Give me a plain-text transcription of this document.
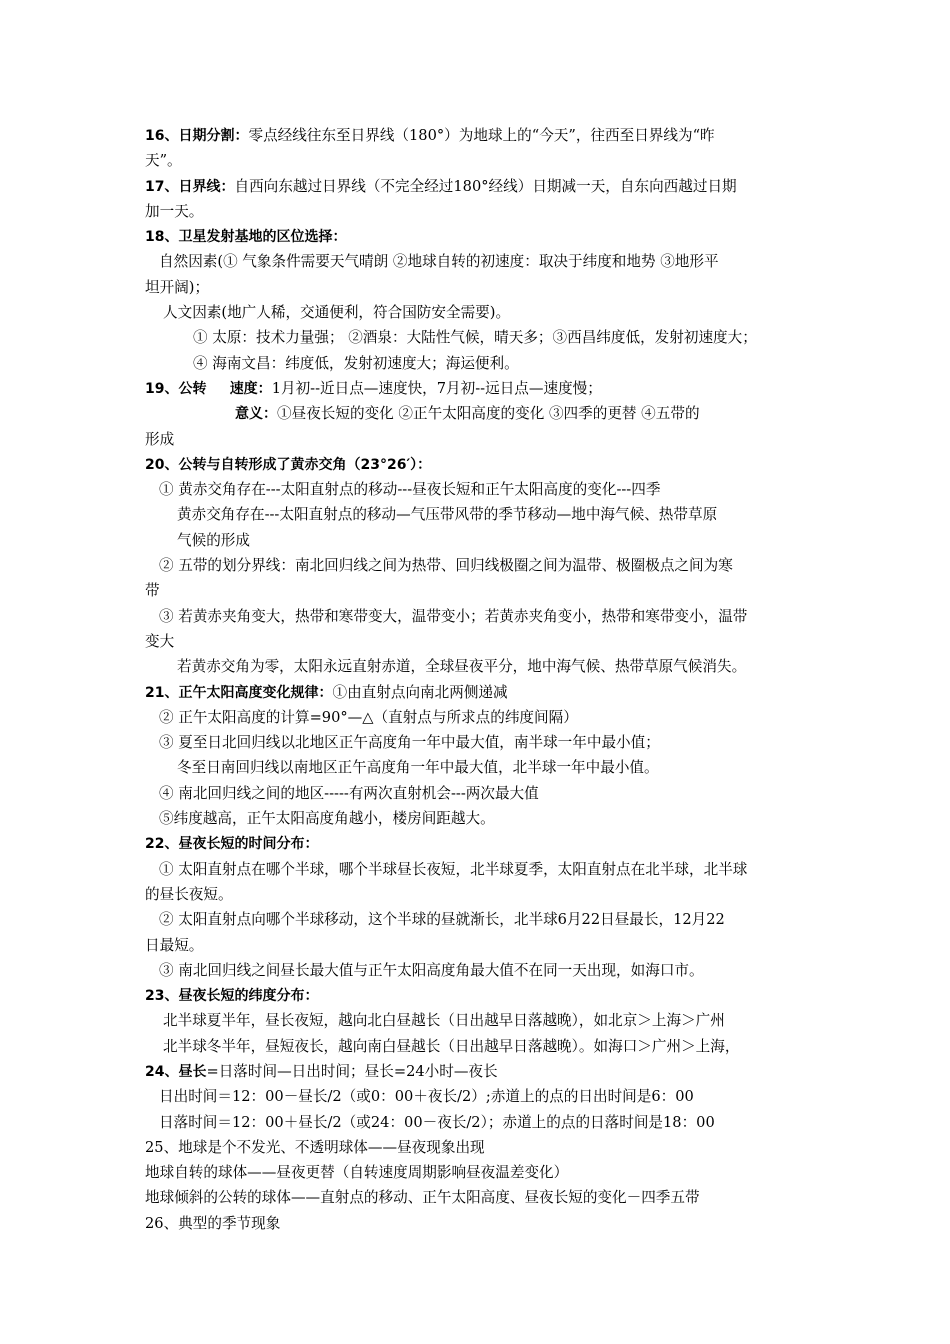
16、日期分割：零点经线往东至日界线（180°）为地球上的“今天”，往西至日界线为“昨
天”。
17、日界线：自西向东越过日界线（不完全经过180°经线）日期减一天，自东向西越过日期
加一天。
18、卫星发射基地的区位选择：
自然因素(① 气象条件需要天气晴朗 ②地球自转的初速度：取决于纬度和地势 ③地形平
坦开阔)；
人文因素(地广人稀，交通便利，符合国防安全需要)。
① 太原：技术力量强； ②酒泉：大陆性气候，晴天多；③西昌纬度低，发射初速度大；
④ 海南文昌：纬度低，发射初速度大；海运便利。
19、公转 速度：1月初--近日点—速度快，7月初--远日点—速度慢；
意义：①昼夜长短的变化 ②正午太阳高度的变化 ③四季的更替 ④五带的
形成
20、公转与自转形成了黄赤交角（23°26′）：
① 黄赤交角存在---太阳直射点的移动---昼夜长短和正午太阳高度的变化---四季
黄赤交角存在---太阳直射点的移动—气压带风带的季节移动—地中海气候、热带草原
气候的形成
② 五带的划分界线：南北回归线之间为热带、回归线极圈之间为温带、极圈极点之间为寒
带
③ 若黄赤夹角变大，热带和寒带变大，温带变小；若黄赤夹角变小，热带和寒带变小，温带
变大
若黄赤交角为零，太阳永远直射赤道，全球昼夜平分，地中海气候、热带草原气候消失。
21、正午太阳高度变化规律：①由直射点向南北两侧递减
② 正午太阳高度的计算=90°—△（直射点与所求点的纬度间隔）
③ 夏至日北回归线以北地区正午高度角一年中最大值，南半球一年中最小值；
冬至日南回归线以南地区正午高度角一年中最大值，北半球一年中最小值。
④ 南北回归线之间的地区-----有两次直射机会---两次最大值
⑤纬度越高，正午太阳高度角越小，楼房间距越大。
22、昼夜长短的时间分布：
① 太阳直射点在哪个半球，哪个半球昼长夜短，北半球夏季，太阳直射点在北半球，北半球
的昼长夜短。
② 太阳直射点向哪个半球移动，这个半球的昼就渐长，北半球6月22日昼最长，12月22
日最短。
③ 南北回归线之间昼长最大值与正午太阳高度角最大值不在同一天出现，如海口市。
23、昼夜长短的纬度分布：
北半球夏半年，昼长夜短，越向北白昼越长（日出越早日落越晚），如北京＞上海＞广州
北半球冬半年，昼短夜长，越向南白昼越长（日出越早日落越晚）。如海口＞广州＞上海，
24、昼长=日落时间—日出时间；昼长=24小时—夜长
日出时间＝12：00－昼长/2（或0：00＋夜长/2）;赤道上的点的日出时间是6：00
日落时间＝12：00＋昼长/2（或24：00－夜长/2）；赤道上的点的日落时间是18：00
25、地球是个不发光、不透明球体——昼夜现象出现
地球自转的球体——昼夜更替（自转速度周期影响昼夜温差变化）
地球倾斜的公转的球体——直射点的移动、正午太阳高度、昼夜长短的变化－四季五带
26、典型的季节现象
